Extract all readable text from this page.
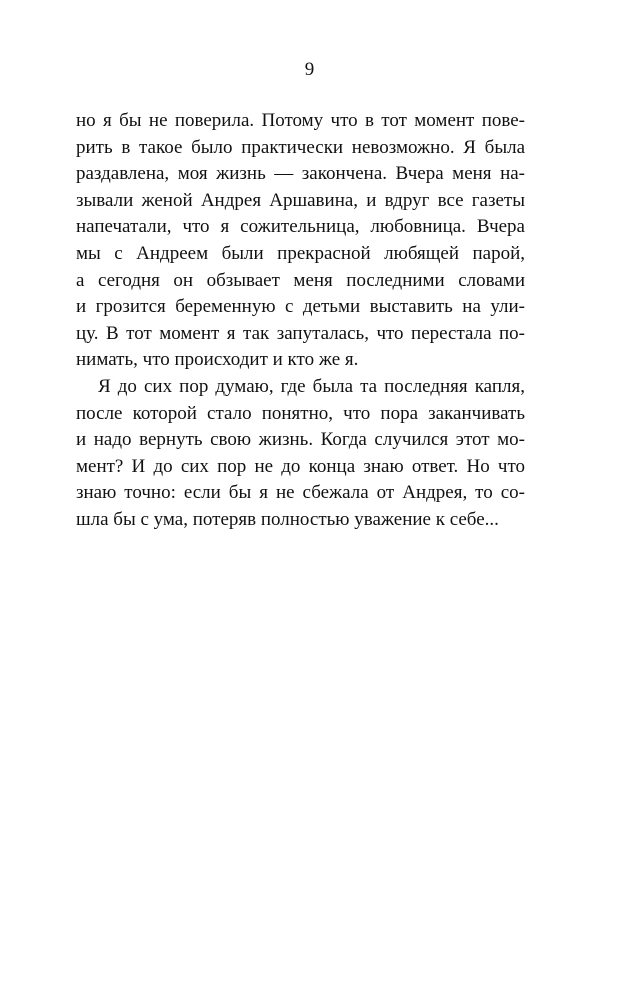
9
но я бы не поверила. Потому что в тот момент пове-
рить в такое было практически невозможно. Я была
раздавлена, моя жизнь — закончена. Вчера меня на-
зывали женой Андрея Аршавина, и вдруг все газеты
напечатали, что я сожительница, любовница. Вчера
мы с Андреем были прекрасной любящей парой,
а сегодня он обзывает меня последними словами
и грозится беременную с детьми выставить на ули-
цу. В тот момент я так запуталась, что перестала по-
нимать, что происходит и кто же я.
Я до сих пор думаю, где была та последняя капля,
после которой стало понятно, что пора заканчивать
и надо вернуть свою жизнь. Когда случился этот мо-
мент? И до сих пор не до конца знаю ответ. Но что
знаю точно: если бы я не сбежала от Андрея, то со-
шла бы с ума, потеряв полностью уважение к себе...
